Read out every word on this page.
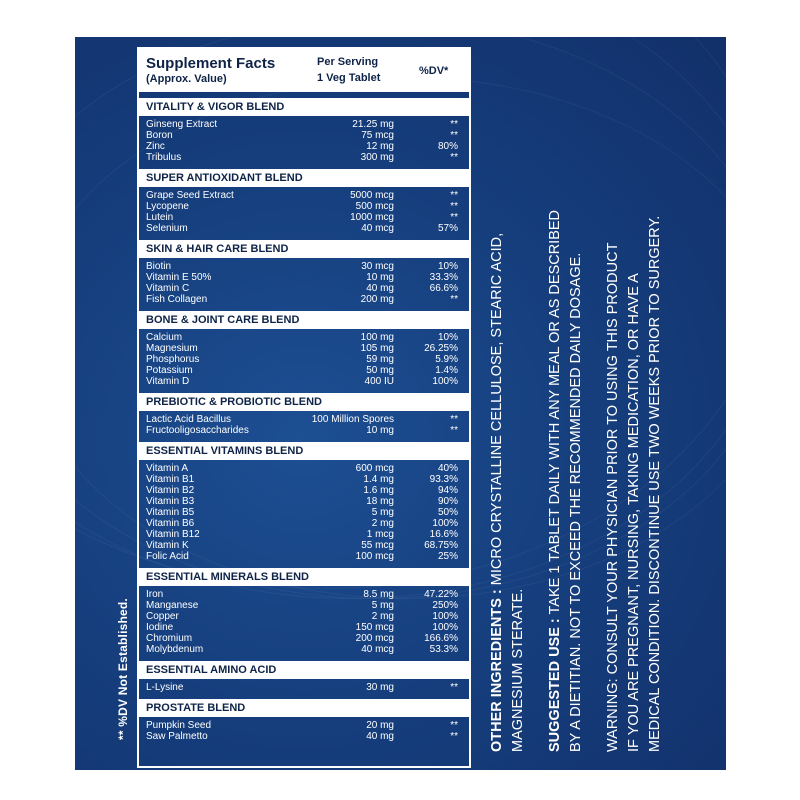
** %DV Not Established.
Supplement Facts
(Approx. Value)
Per Serving
1 Veg Tablet
%DV*
VITALITY & VIGOR BLEND
Ginseng Extract	21.25 mg	**
Boron	75 mcg	**
Zinc	12 mg	80%
Tribulus	300 mg	**
SUPER ANTIOXIDANT BLEND
Grape Seed Extract	5000 mcg	**
Lycopene	500 mcg	**
Lutein	1000 mcg	**
Selenium	40 mcg	57%
SKIN & HAIR CARE BLEND
Biotin	30 mcg	10%
Vitamin E 50%	10 mg	33.3%
Vitamin C	40 mg	66.6%
Fish Collagen	200 mg	**
BONE & JOINT CARE BLEND
Calcium	100 mg	10%
Magnesium	105 mg	26.25%
Phosphorus	59 mg	5.9%
Potassium	50 mg	1.4%
Vitamin D	400 IU	100%
PREBIOTIC & PROBIOTIC BLEND
Lactic Acid Bacillus	100 Million Spores	**
Fructooligosaccharides	10 mg	**
ESSENTIAL VITAMINS BLEND
Vitamin A	600 mcg	40%
Vitamin B1	1.4 mg	93.3%
Vitamin B2	1.6 mg	94%
Vitamin B3	18 mg	90%
Vitamin B5	5 mg	50%
Vitamin B6	2 mg	100%
Vitamin B12	1 mcg	16.6%
Vitamin K	55 mcg	68.75%
Folic Acid	100 mcg	25%
ESSENTIAL MINERALS BLEND
Iron	8.5 mg	47.22%
Manganese	5 mg	250%
Copper	2 mg	100%
Iodine	150 mcg	100%
Chromium	200 mcg	166.6%
Molybdenum	40 mcg	53.3%
ESSENTIAL AMINO ACID
L-Lysine	30 mg	**
PROSTATE BLEND
Pumpkin Seed	20 mg	**
Saw Palmetto	40 mg	** OTHER INGREDIENTS : MICRO CRYSTALLINE CELLULOSE, STEARIC ACID,
MAGNESIUM STERATE. SUGGESTED USE : TAKE 1 TABLET DAILY WITH ANY MEAL OR AS DESCRIBED BY A DIETITIAN. NOT TO EXCEED THE RECOMMENDED DAILY DOSAGE. WARNING: CONSULT YOUR PHYSICIAN PRIOR TO USING THIS PRODUCT IF YOU ARE PREGNANT, NURSING, TAKING MEDICATION, OR HAVE A MEDICAL CONDITION. DISCONTINUE USE TWO WEEKS PRIOR TO SURGERY.
